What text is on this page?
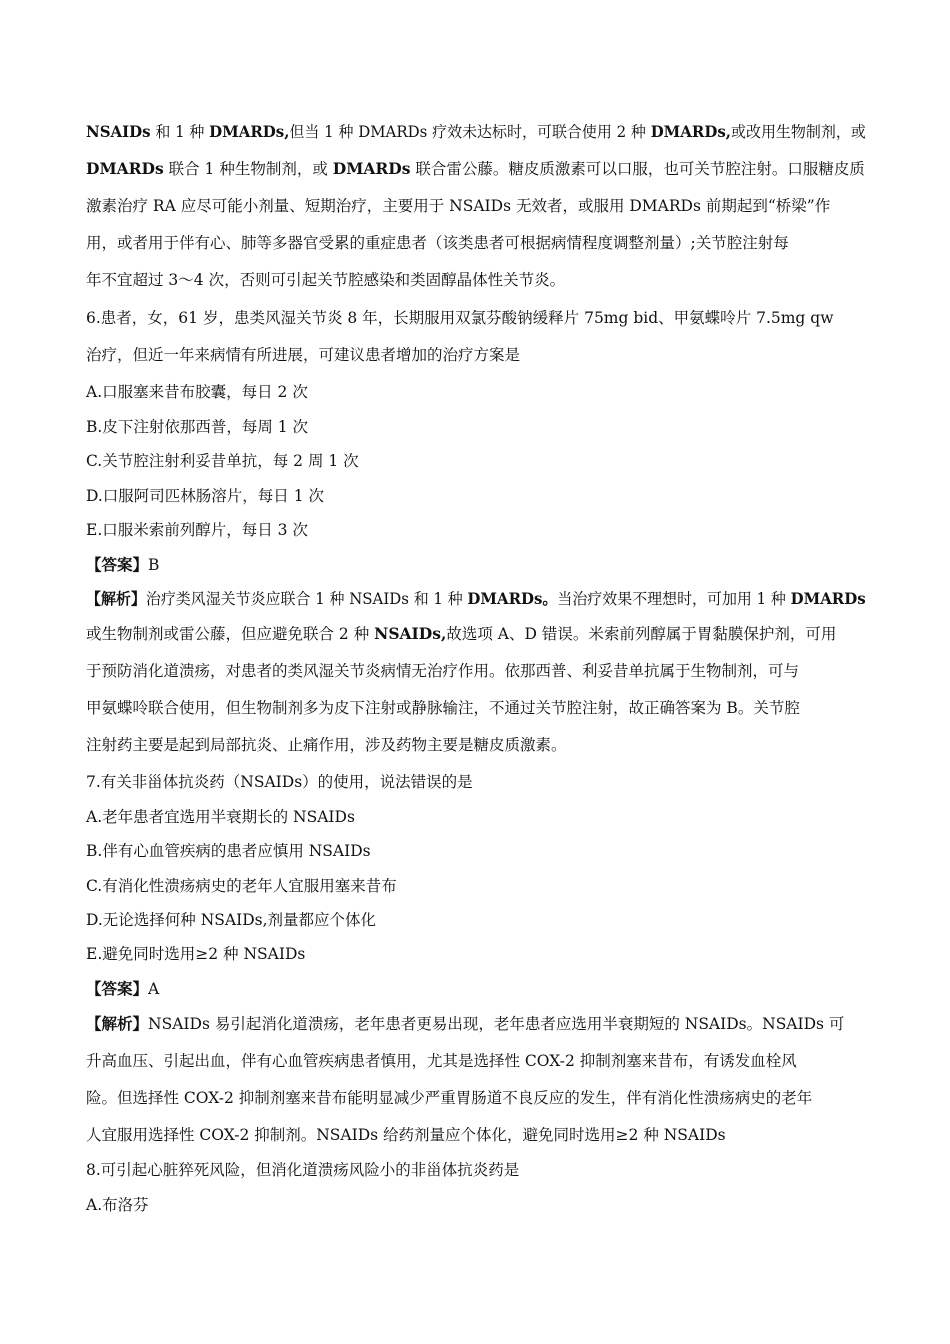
NSAIDs 和 1 种 DMARDs,但当 1 种 DMARDs 疗效未达标时，可联合使用 2 种 DMARDs,或改用生物制剂，或
DMARDs 联合 1 种生物制剂，或 DMARDs 联合雷公藤。糖皮质激素可以口服，也可关节腔注射。口服糖皮质
激素治疗 RA 应尽可能小剂量、短期治疗，主要用于 NSAIDs 无效者，或服用 DMARDs 前期起到“桥梁”作
用，或者用于伴有心、肺等多器官受累的重症患者（该类患者可根据病情程度调整剂量）;关节腔注射每
年不宜超过 3～4 次，否则可引起关节腔感染和类固醇晶体性关节炎。
6.患者，女，61 岁，患类风湿关节炎 8 年，长期服用双氯芬酸钠缓释片 75mg bid、甲氨蝶呤片 7.5mg qw
治疗，但近一年来病情有所进展，可建议患者增加的治疗方案是
A.口服塞来昔布胶囊，每日 2 次
B.皮下注射依那西普，每周 1 次
C.关节腔注射利妥昔单抗，每 2 周 1 次
D.口服阿司匹林肠溶片，每日 1 次
E.口服米索前列醇片，每日 3 次
【答案】B
【解析】治疗类风湿关节炎应联合 1 种 NSAIDs 和 1 种 DMARDs。当治疗效果不理想时，可加用 1 种 DMARDs
或生物制剂或雷公藤，但应避免联合 2 种 NSAIDs,故选项 A、D 错误。米索前列醇属于胃黏膜保护剂，可用
于预防消化道溃疡，对患者的类风湿关节炎病情无治疗作用。依那西普、利妥昔单抗属于生物制剂，可与
甲氨蝶呤联合使用，但生物制剂多为皮下注射或静脉输注，不通过关节腔注射，故正确答案为 B。关节腔
注射药主要是起到局部抗炎、止痛作用，涉及药物主要是糖皮质激素。
7.有关非甾体抗炎药（NSAIDs）的使用，说法错误的是
A.老年患者宜选用半衰期长的 NSAIDs
B.伴有心血管疾病的患者应慎用 NSAIDs
C.有消化性溃疡病史的老年人宜服用塞来昔布
D.无论选择何种 NSAIDs,剂量都应个体化
E.避免同时选用≥2 种 NSAIDs
【答案】A
【解析】NSAIDs 易引起消化道溃疡，老年患者更易出现，老年患者应选用半衰期短的 NSAIDs。NSAIDs 可
升高血压、引起出血，伴有心血管疾病患者慎用，尤其是选择性 COX-2 抑制剂塞来昔布，有诱发血栓风
险。但选择性 COX-2 抑制剂塞来昔布能明显减少严重胃肠道不良反应的发生，伴有消化性溃疡病史的老年
人宜服用选择性 COX-2 抑制剂。NSAIDs 给药剂量应个体化，避免同时选用≥2 种 NSAIDs
8.可引起心脏猝死风险，但消化道溃疡风险小的非甾体抗炎药是
A.布洛芬
